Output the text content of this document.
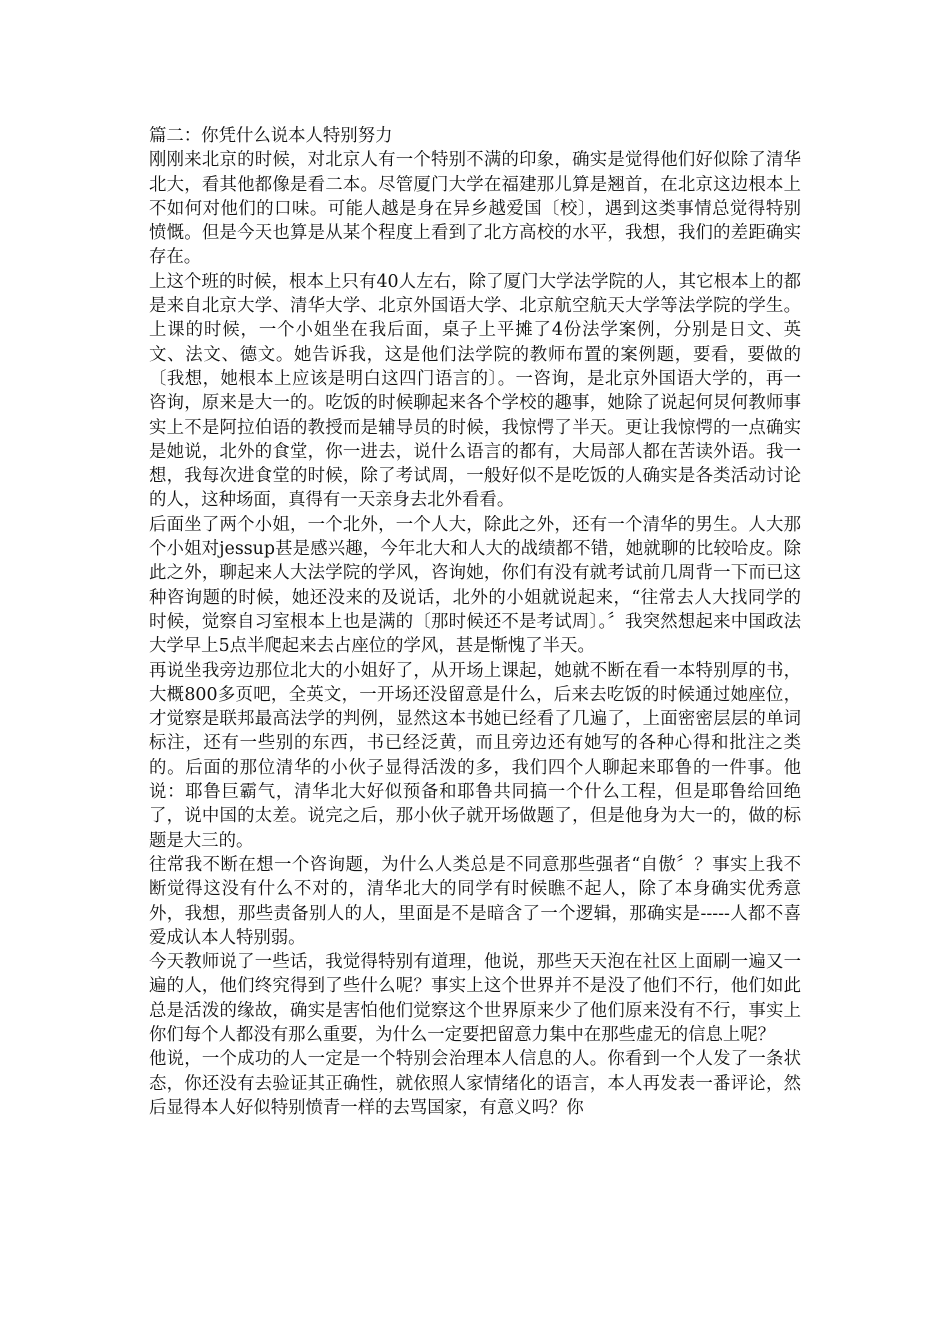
篇二：你凭什么说本人特别努力

刚刚来北京的时候，对北京人有一个特别不满的印象，确实是觉得他们好似除了清华北大，看其他都像是看二本。尽管厦门大学在福建那儿算是翘首，在北京这边根本上不如何对他们的口味。可能人越是身在异乡越爱国〔校〕，遇到这类事情总觉得特别愤慨。但是今天也算是从某个程度上看到了北方高校的水平，我想，我们的差距确实存在。

上这个班的时候，根本上只有40人左右，除了厦门大学法学院的人，其它根本上的都是来自北京大学、清华大学、北京外国语大学、北京航空航天大学等法学院的学生。上课的时候，一个小姐坐在我后面，桌子上平摊了4份法学案例，分别是日文、英文、法文、德文。她告诉我，这是他们法学院的教师布置的案例题，要看，要做的〔我想，她根本上应该是明白这四门语言的〕。一咨询，是北京外国语大学的，再一咨询，原来是大一的。吃饭的时候聊起来各个学校的趣事，她除了说起何炅何教师事实上不是阿拉伯语的教授而是辅导员的时候，我惊愕了半天。更让我惊愕的一点确实是她说，北外的食堂，你一进去，说什么语言的都有，大局部人都在苦读外语。我一想，我每次进食堂的时候，除了考试周，一般好似不是吃饭的人确实是各类活动讨论的人，这种场面，真得有一天亲身去北外看看。

后面坐了两个小姐，一个北外，一个人大，除此之外，还有一个清华的男生。人大那个小姐对jessup甚是感兴趣，今年北大和人大的战绩都不错，她就聊的比较哈皮。除此之外，聊起来人大法学院的学风，咨询她，你们有没有就考试前几周背一下而已这种咨询题的时候，她还没来的及说话，北外的小姐就说起来，“往常去人大找同学的时候，觉察自习室根本上也是满的〔那时候还不是考试周〕。〞我突然想起来中国政法大学早上5点半爬起来去占座位的学风，甚是惭愧了半天。

再说坐我旁边那位北大的小姐好了，从开场上课起，她就不断在看一本特别厚的书，大概800多页吧，全英文，一开场还没留意是什么，后来去吃饭的时候通过她座位，才觉察是联邦最高法学的判例，显然这本书她已经看了几遍了，上面密密层层的单词标注，还有一些别的东西，书已经泛黄，而且旁边还有她写的各种心得和批注之类的。后面的那位清华的小伙子显得活泼的多，我们四个人聊起来耶鲁的一件事。他说：耶鲁巨霸气，清华北大好似预备和耶鲁共同搞一个什么工程，但是耶鲁给回绝了，说中国的太差。说完之后，那小伙子就开场做题了，但是他身为大一的，做的标题是大三的。

往常我不断在想一个咨询题，为什么人类总是不同意那些强者“自傲〞？事实上我不断觉得这没有什么不对的，清华北大的同学有时候瞧不起人，除了本身确实优秀意外，我想，那些责备别人的人，里面是不是暗含了一个逻辑，那确实是-----人都不喜爱成认本人特别弱。

今天教师说了一些话，我觉得特别有道理，他说，那些天天泡在社区上面刷一遍又一遍的人，他们终究得到了些什么呢？事实上这个世界并不是没了他们不行，他们如此总是活泼的缘故，确实是害怕他们觉察这个世界原来少了他们原来没有不行，事实上你们每个人都没有那么重要，为什么一定要把留意力集中在那些虚无的信息上呢？

他说，一个成功的人一定是一个特别会治理本人信息的人。你看到一个人发了一条状态，你还没有去验证其正确性，就依照人家情绪化的语言，本人再发表一番评论，然后显得本人好似特别愤青一样的去骂国家，有意义吗？你
